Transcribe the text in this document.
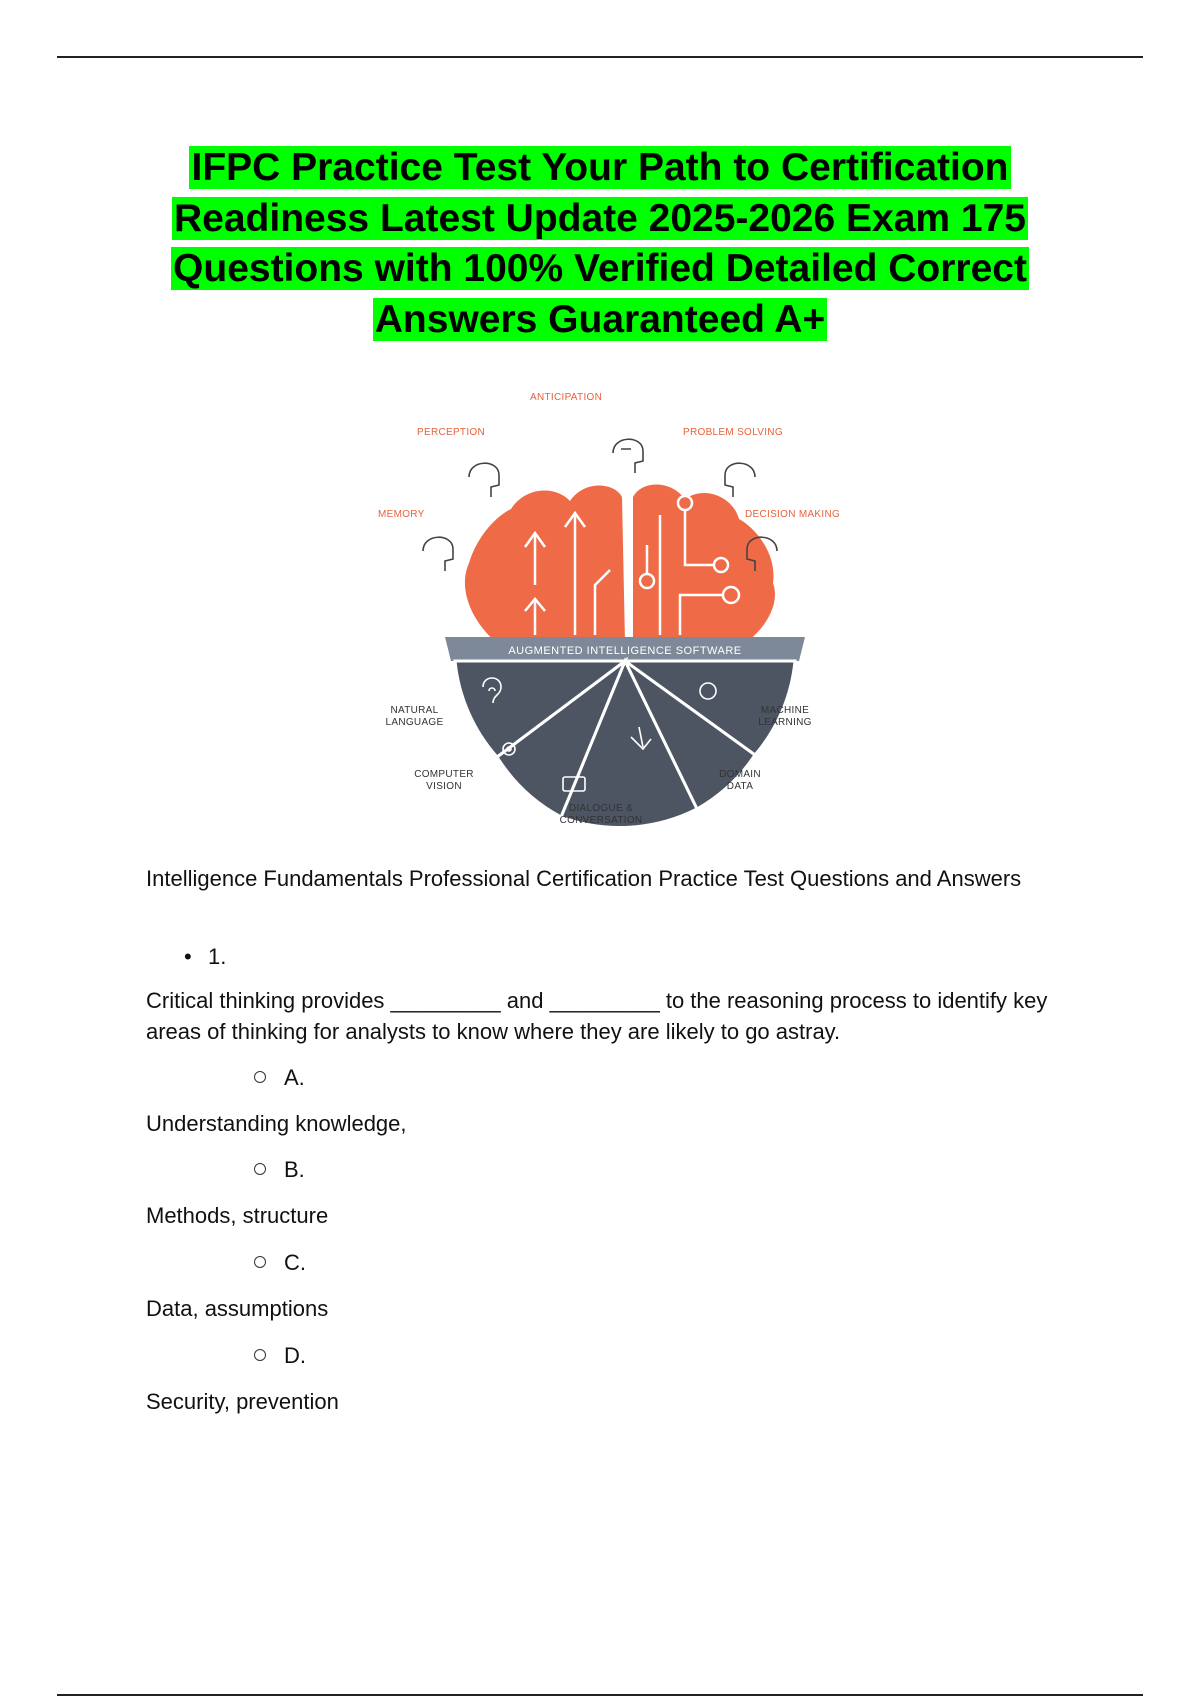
IFPC Practice Test Your Path to Certification Readiness Latest Update 2025-2026 Exam 175 Questions with 100% Verified Detailed Correct Answers Guaranteed A+
AUGMENTED INTELLIGENCE SOFTWARE
ANTICIPATION
PERCEPTION	PROBLEM SOLVING
MEMORY	DECISION MAKING
NATURAL LANGUAGE
MACHINE LEARNING
COMPUTER VISION
DOMAIN DATA
DIALOGUE & CONVERSATION
Intelligence Fundamentals Professional Certification Practice Test Questions and Answers
• 1.
Critical thinking provides _________ and _________ to the reasoning process to identify key areas of thinking for analysts to know where they are likely to go astray.
A.
Understanding knowledge,
B.
Methods, structure
C.
Data, assumptions
D.
Security, prevention
